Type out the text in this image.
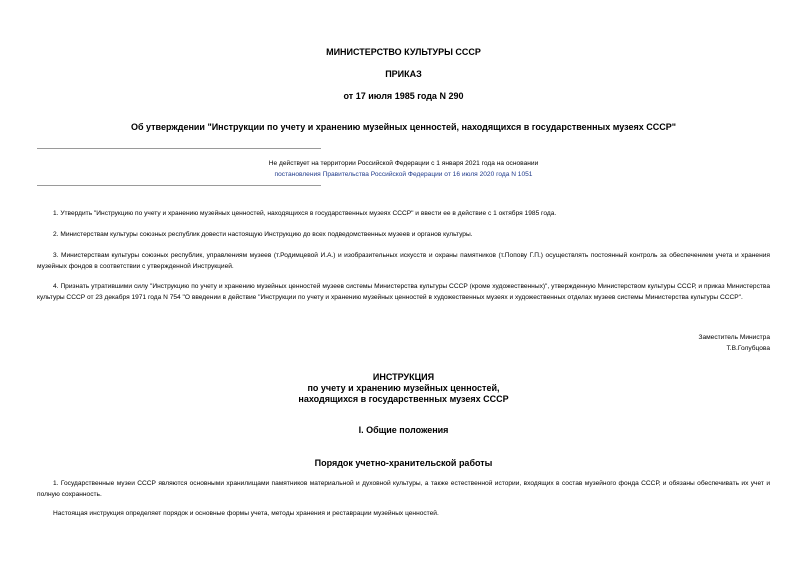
МИНИСТЕРСТВО КУЛЬТУРЫ СССР
ПРИКАЗ
от 17 июля 1985 года N 290
Об утверждении "Инструкции по учету и хранению музейных ценностей, находящихся в государственных музеях СССР"
Не действует на территории Российской Федерации с 1 января 2021 года на основании
постановления Правительства Российской Федерации от 16 июля 2020 года N 1051
1. Утвердить "Инструкцию по учету и хранению музейных ценностей, находящихся в государственных музеях СССР" и ввести ее в действие с 1 октября 1985 года.
2. Министерствам культуры союзных республик довести настоящую Инструкцию до всех подведомственных музеев и органов культуры.
3. Министерствам культуры союзных республик, управлениям музеев (т.Родимцевой И.А.) и изобразительных искусств и охраны памятников (т.Попову Г.П.) осуществлять постоянный контроль за обеспечением учета и хранения музейных фондов в соответствии с утвержденной Инструкцией.
4. Признать утратившими силу "Инструкцию по учету и хранению музейных ценностей музеев системы Министерства культуры СССР (кроме художественных)", утвержденную Министерством культуры СССР, и приказ Министерства культуры СССР от 23 декабря 1971 года N 754 "О введении в действие "Инструкции по учету и хранению музейных ценностей в художественных музеях и художественных отделах музеев системы Министерства культуры СССР".
Заместитель Министра
Т.В.Голубцова
ИНСТРУКЦИЯ
по учету и хранению музейных ценностей,
находящихся в государственных музеях СССР
I. Общие положения
Порядок учетно-хранительской работы
1. Государственные музеи СССР являются основными хранилищами памятников материальной и духовной культуры, а также естественной истории, входящих в состав музейного фонда СССР, и обязаны обеспечивать их учет и полную сохранность.
Настоящая инструкция определяет порядок и основные формы учета, методы хранения и реставрации музейных ценностей.
